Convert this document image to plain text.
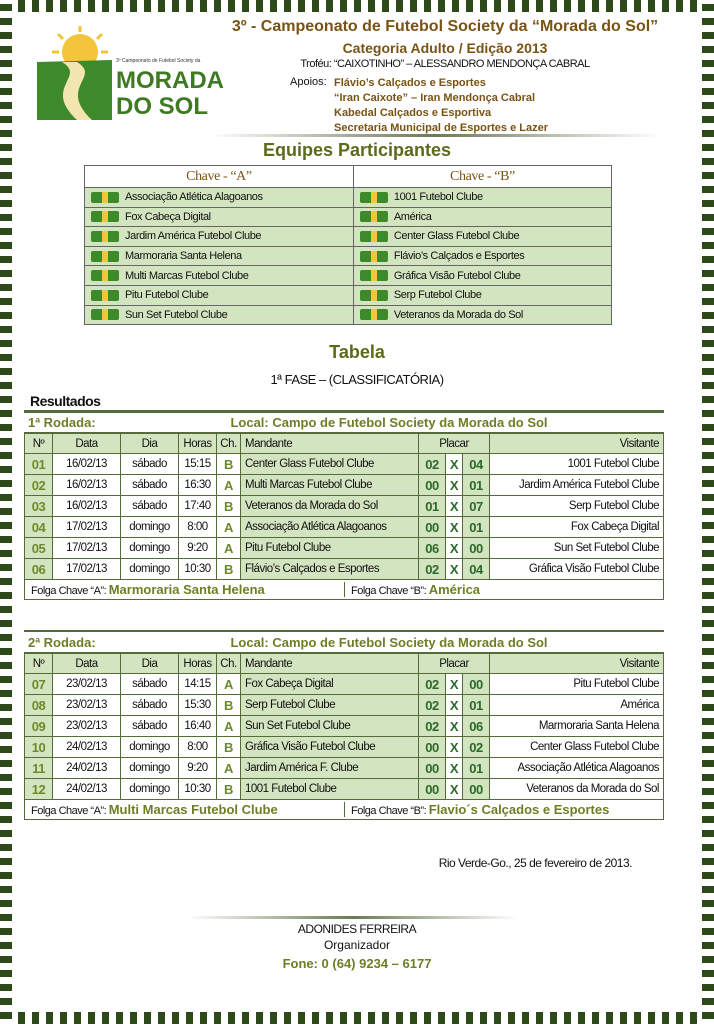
3º Campeonato de Futebol Society da
MORADA
DO SOL
3º - Campeonato de Futebol Society da “Morada do Sol”
Categoria Adulto / Edição 2013
Troféu: “CAIXOTINHO” – ALESSANDRO MENDONÇA CABRAL
Apoios: Flávio’s Calçados e Esportes
“Iran Caixote” – Iran Mendonça Cabral
Kabedal Calçados e Esportiva
Secretaria Municipal de Esportes e Lazer
Equipes Participantes
Chave - “A”	Chave - “B”
Associação Atlética Alagoanos	1001 Futebol Clube
Fox Cabeça Digital	América
Jardim América Futebol Clube	Center Glass Futebol Clube
Marmoraria Santa Helena	Flávio’s Calçados e Esportes
Multi Marcas Futebol Clube	Gráfica Visão Futebol Clube
Pitu Futebol Clube	Serp Futebol Clube
Sun Set Futebol Clube	Veteranos da Morada do Sol
Tabela
1ª FASE – (CLASSIFICATÓRIA)
Resultados
1ª Rodada:	Local: Campo de Futebol Society da Morada do Sol
Nº	Data	Dia	Horas	Ch.	Mandante	Placar			Visitante
01	16/02/13	sábado	15:15	B	Center Glass Futebol Clube	02	X	04	1001 Futebol Clube
02	16/02/13	sábado	16:30	A	Multi Marcas Futebol Clube	00	X	01	Jardim América Futebol Clube
03	16/02/13	sábado	17:40	B	Veteranos da Morada do Sol	01	X	07	Serp Futebol Clube
04	17/02/13	domingo	8:00	A	Associação Atlética Alagoanos	00	X	01	Fox Cabeça Digital
05	17/02/13	domingo	9:20	A	Pitu Futebol Clube	06	X	00	Sun Set Futebol Clube
06	17/02/13	domingo	10:30	B	Flávio’s Calçados e Esportes	02	X	04	Gráfica Visão Futebol Clube
Folga Chave “A”: Marmoraria Santa Helena	Folga Chave “B”: América
2ª Rodada:	Local: Campo de Futebol Society da Morada do Sol
Nº	Data	Dia	Horas	Ch.	Mandante	Placar			Visitante
07	23/02/13	sábado	14:15	A	Fox Cabeça Digital	02	X	00	Pitu Futebol Clube
08	23/02/13	sábado	15:30	B	Serp Futebol Clube	02	X	01	América
09	23/02/13	sábado	16:40	A	Sun Set Futebol Clube	02	X	06	Marmoraria Santa Helena
10	24/02/13	domingo	8:00	B	Gráfica Visão Futebol Clube	00	X	02	Center Glass Futebol Clube
11	24/02/13	domingo	9:20	A	Jardim América F. Clube	00	X	01	Associação Atlética Alagoanos
12	24/02/13	domingo	10:30	B	1001 Futebol Clube	00	X	00	Veteranos da Morada do Sol
Folga Chave “A”: Multi Marcas Futebol Clube	Folga Chave “B”: Flavio´s Calçados e Esportes
Rio Verde-Go., 25 de fevereiro de 2013.
ADONIDES FERREIRA
Organizador
Fone: 0 (64) 9234 – 6177
